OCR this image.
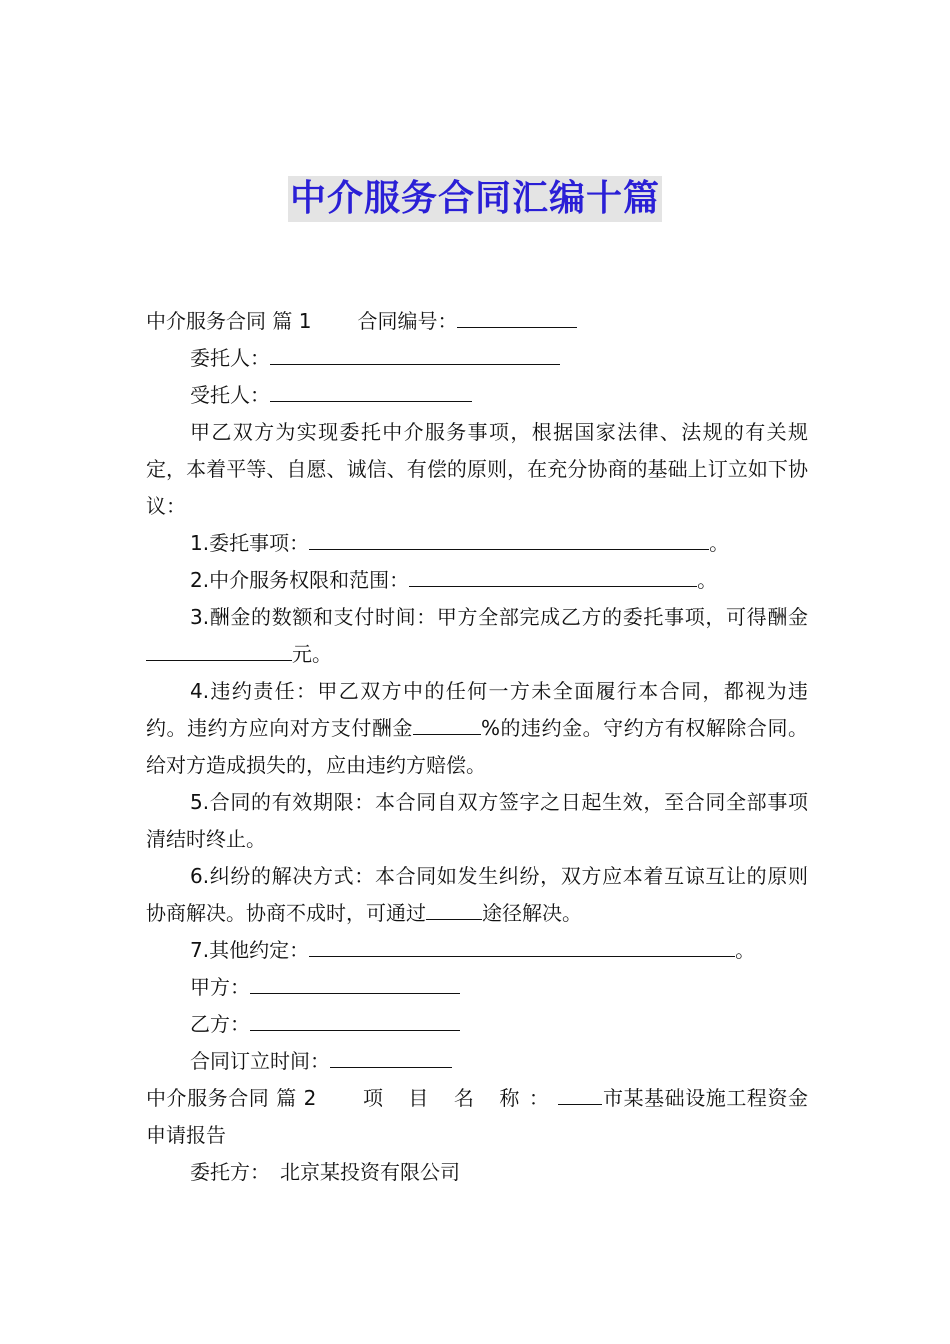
中介服务合同汇编十篇

中介服务合同 篇 1 合同编号：

委托人：

受托人：

甲乙双方为实现委托中介服务事项，根据国家法律、法规的有关规定，本着平等、自愿、诚信、有偿的原则，在充分协商的基础上订立如下协议：

1.委托事项：	。

2.中介服务权限和范围：	。

3.酬金的数额和支付时间：甲方全部完成乙方的委托事项，可得酬金元。

4.违约责任：甲乙双方中的任何一方未全面履行本合同，都视为违约。违约方应向对方支付酬金	%的违约金。守约方有权解除合同。给对方造成损失的，应由违约方赔偿。

5.合同的有效期限：本合同自双方签字之日起生效，至合同全部事项清结时终止。

6.纠纷的解决方式：本合同如发生纠纷，双方应本着互谅互让的原则协商解决。协商不成时，可通过	途径解决。

7.其他约定：	。

甲方：

乙方：

合同订立时间：

中介服务合同 篇 2 项 目 名 称： 市某基础设施工程资金申请报告

委托方： 北京某投资有限公司
